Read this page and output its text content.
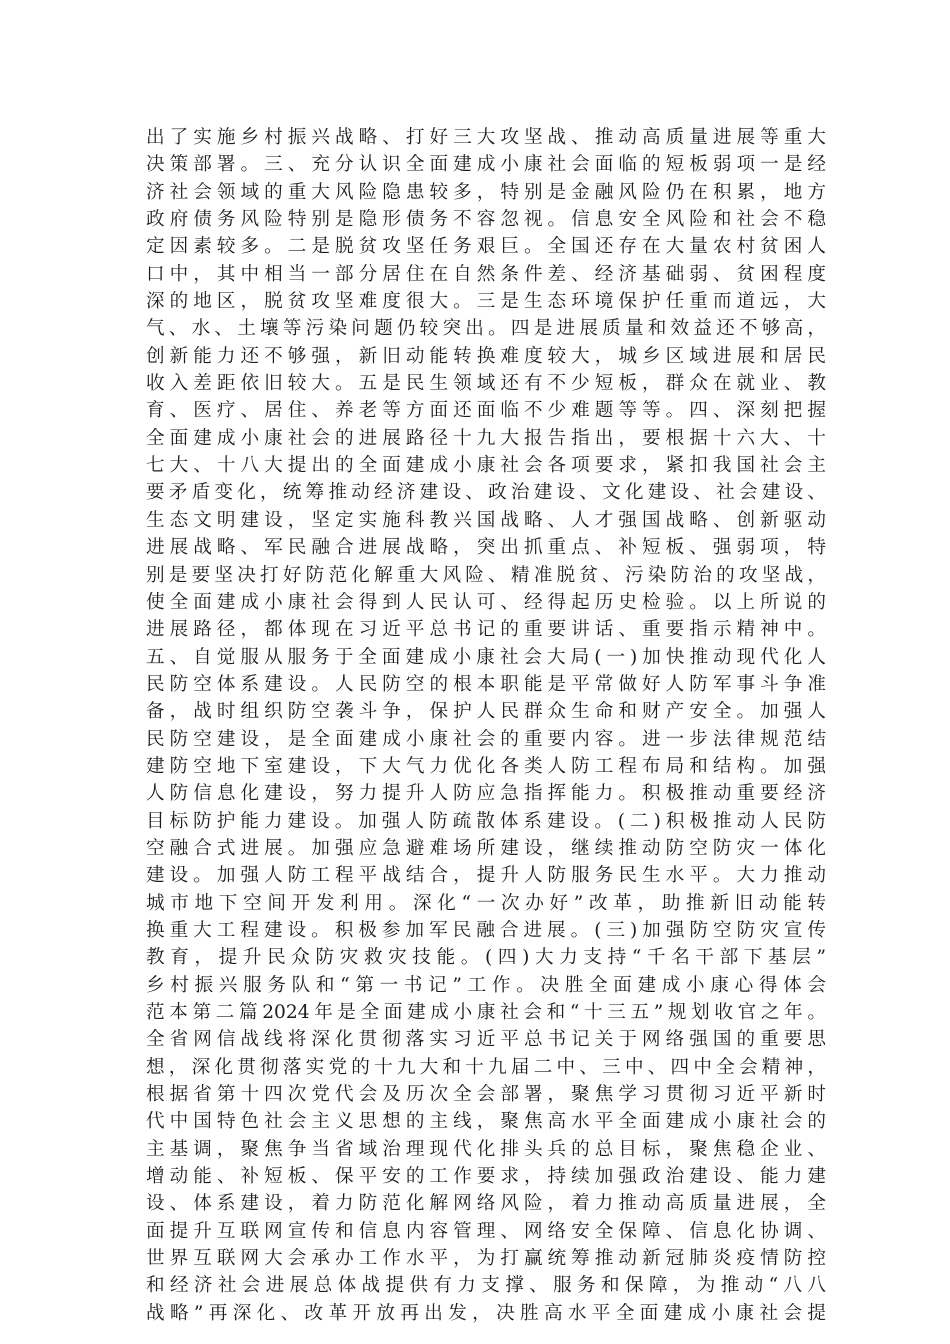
出了实施乡村振兴战略、打好三大攻坚战、推动高质量进展等重大
决策部署。三、充分认识全面建成小康社会面临的短板弱项一是经
济社会领域的重大风险隐患较多，特别是金融风险仍在积累，地方
政府债务风险特别是隐形债务不容忽视。信息安全风险和社会不稳
定因素较多。二是脱贫攻坚任务艰巨。全国还存在大量农村贫困人
口中，其中相当一部分居住在自然条件差、经济基础弱、贫困程度
深的地区，脱贫攻坚难度很大。三是生态环境保护任重而道远，大
气、水、土壤等污染问题仍较突出。四是进展质量和效益还不够高，
创新能力还不够强，新旧动能转换难度较大，城乡区域进展和居民
收入差距依旧较大。五是民生领域还有不少短板，群众在就业、教
育、医疗、居住、养老等方面还面临不少难题等等。四、深刻把握
全面建成小康社会的进展路径十九大报告指出，要根据十六大、十
七大、十八大提出的全面建成小康社会各项要求，紧扣我国社会主
要矛盾变化，统筹推动经济建设、政治建设、文化建设、社会建设、
生态文明建设，坚定实施科教兴国战略、人才强国战略、创新驱动
进展战略、军民融合进展战略，突出抓重点、补短板、强弱项，特
别是要坚决打好防范化解重大风险、精准脱贫、污染防治的攻坚战，
使全面建成小康社会得到人民认可、经得起历史检验。以上所说的
进展路径，都体现在习近平总书记的重要讲话、重要指示精神中。
五、自觉服从服务于全面建成小康社会大局(一)加快推动现代化人
民防空体系建设。人民防空的根本职能是平常做好人防军事斗争准
备，战时组织防空袭斗争，保护人民群众生命和财产安全。加强人
民防空建设，是全面建成小康社会的重要内容。进一步法律规范结
建防空地下室建设，下大气力优化各类人防工程布局和结构。加强
人防信息化建设，努力提升人防应急指挥能力。积极推动重要经济
目标防护能力建设。加强人防疏散体系建设。(二)积极推动人民防
空融合式进展。加强应急避难场所建设，继续推动防空防灾一体化
建设。加强人防工程平战结合，提升人防服务民生水平。大力推动
城市地下空间开发利用。深化“一次办好”改革，助推新旧动能转
换重大工程建设。积极参加军民融合进展。(三)加强防空防灾宣传
教育，提升民众防灾救灾技能。(四)大力支持“千名干部下基层”
乡村振兴服务队和“第一书记”工作。决胜全面建成小康心得体会
范本第二篇2024年是全面建成小康社会和“十三五”规划收官之年。
全省网信战线将深化贯彻落实习近平总书记关于网络强国的重要思
想，深化贯彻落实党的十九大和十九届二中、三中、四中全会精神，
根据省第十四次党代会及历次全会部署，聚焦学习贯彻习近平新时
代中国特色社会主义思想的主线，聚焦高水平全面建成小康社会的
主基调，聚焦争当省域治理现代化排头兵的总目标，聚焦稳企业、
增动能、补短板、保平安的工作要求，持续加强政治建设、能力建
设、体系建设，着力防范化解网络风险，着力推动高质量进展，全
面提升互联网宣传和信息内容管理、网络安全保障、信息化协调、
世界互联网大会承办工作水平，为打赢统筹推动新冠肺炎疫情防控
和经济社会进展总体战提供有力支撑、服务和保障，为推动“八八
战略”再深化、改革开放再出发，决胜高水平全面建成小康社会提
